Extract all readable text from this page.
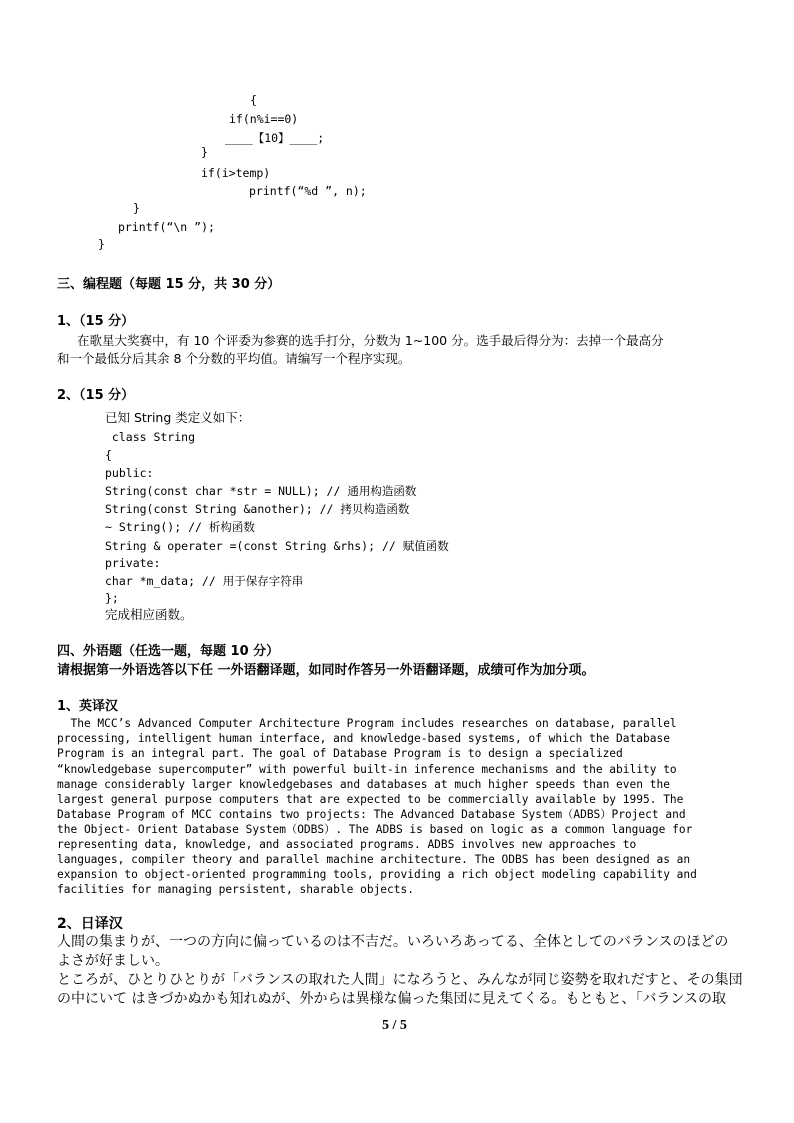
{
if(n%i==0)
____【10】____;
}
if(i>temp)
printf(“%d ”, n);
}
printf(“\n ”);
}
三、编程题（每题 15 分，共 30 分）
1、（15 分）
在歌星大奖赛中，有 10 个评委为参赛的选手打分，分数为 1~100 分。选手最后得分为：去掉一个最高分
和一个最低分后其余 8 个分数的平均值。请编写一个程序实现。
2、（15 分）
已知 String 类定义如下：
class String
{
public:
String(const char *str = NULL); // 通用构造函数
String(const String &another); // 拷贝构造函数
~ String(); // 析构函数
String & operater =(const String &rhs); // 赋值函数
private:
char *m_data; // 用于保存字符串
};
完成相应函数。
四、外语题（任选一题，每题 10 分）
请根据第一外语选答以下任 一外语翻译题，如同时作答另一外语翻译题，成绩可作为加分项。
1、英译汉
The MCC’s Advanced Computer Architecture Program includes researches on database, parallel
processing, intelligent human interface, and knowledge-based systems, of which the Database
Program is an integral part. The goal of Database Program is to design a specialized
“knowledgebase supercomputer” with powerful built-in inference mechanisms and the ability to
manage considerably larger knowledgebases and databases at much higher speeds than even the
largest general purpose computers that are expected to be commercially available by 1995. The
Database Program of MCC contains two projects: The Advanced Database System（ADBS）Project and
the Object- Orient Database System（ODBS）. The ADBS is based on logic as a common language for
representing data, knowledge, and associated programs. ADBS involves new approaches to
languages, compiler theory and parallel machine architecture. The ODBS has been designed as an
expansion to object-oriented programming tools, providing a rich object modeling capability and
facilities for managing persistent, sharable objects.
2、日译汉
人間の集まりが、一つの方向に偏っているのは不吉だ。いろいろあってる、全体としてのバランスのほどの
よさが好ましい。
ところが、ひとりひとりが「バランスの取れた人間」になろうと、みんなが同じ姿勢を取れだすと、その集団
の中にいて はきづかぬかも知れぬが、外からは異様な偏った集団に見えてくる。もともと、「バランスの取
5 / 5
